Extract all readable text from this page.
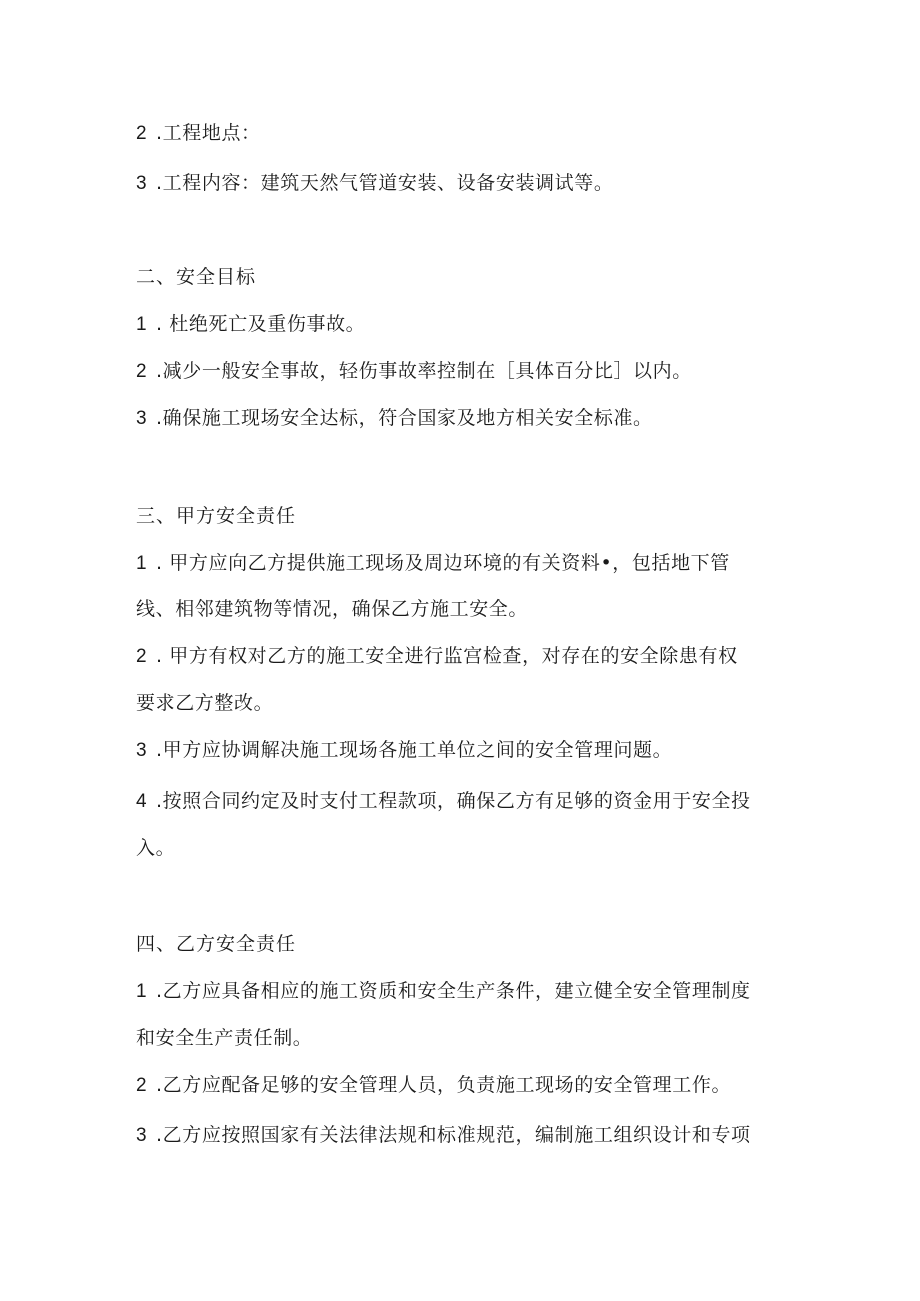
2 .工程地点：
3 .工程内容：建筑天然气管道安装、设备安装调试等。
二、安全目标
1 . 杜绝死亡及重伤事故。
2 .减少一般安全事故，轻伤事故率控制在［具体百分比］以内。
3 .确保施工现场安全达标，符合国家及地方相关安全标准。
三、甲方安全责任
1 . 甲方应向乙方提供施工现场及周边环境的有关资料•，包括地下管
线、相邻建筑物等情况，确保乙方施工安全。
2 . 甲方有权对乙方的施工安全进行监宫检查，对存在的安全除患有权
要求乙方整改。
3 .甲方应协调解决施工现场各施工单位之间的安全管理问题。
4 .按照合同约定及时支付工程款项，确保乙方有足够的资金用于安全投
入。
四、乙方安全责任
1 .乙方应具备相应的施工资质和安全生产条件，建立健全安全管理制度
和安全生产责任制。
2 .乙方应配备足够的安全管理人员，负责施工现场的安全管理工作。
3 .乙方应按照国家有关法律法规和标准规范，编制施工组织设计和专项
